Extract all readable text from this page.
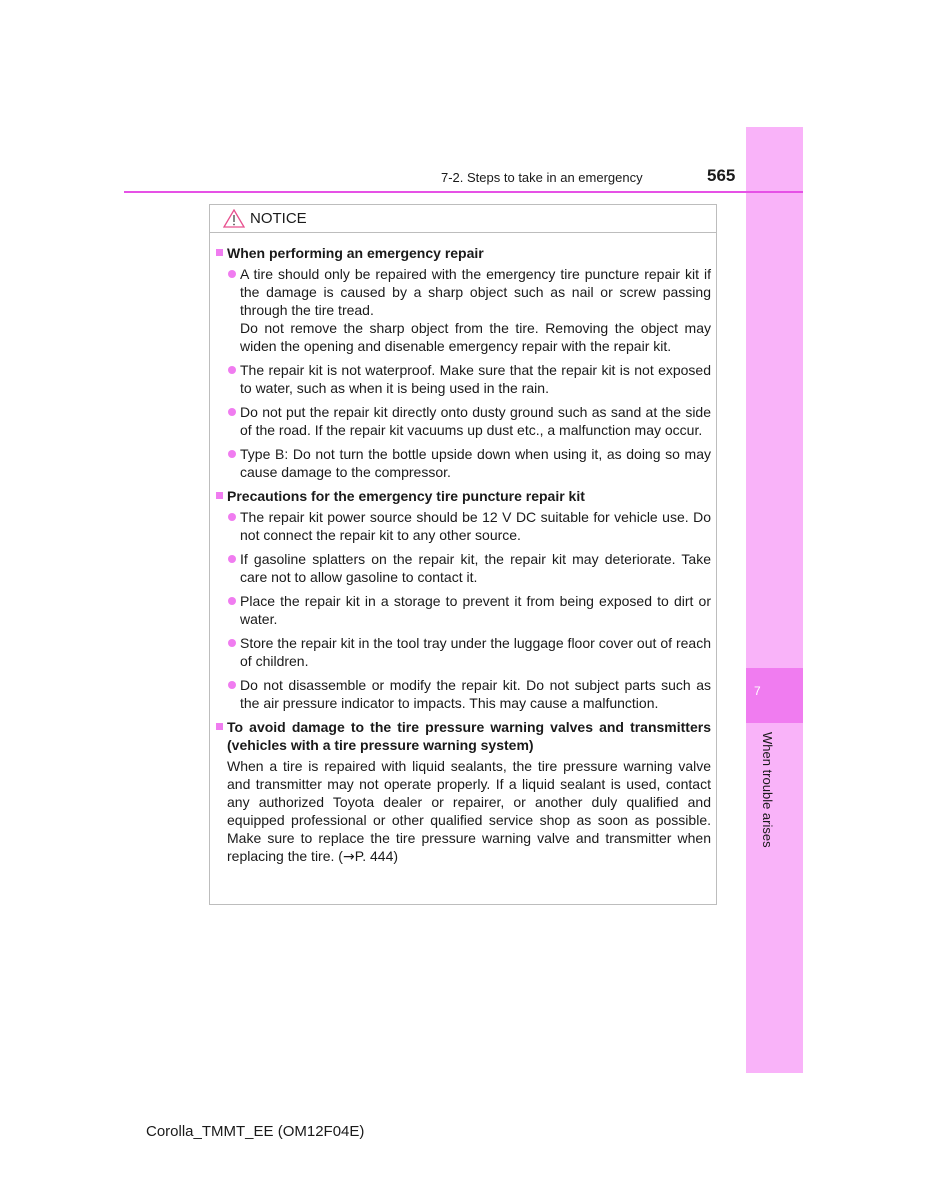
7
When trouble arises
7-2. Steps to take in an emergency	565
NOTICE
When performing an emergency repair
A tire should only be repaired with the emergency tire puncture repair kit if the damage is caused by a sharp object such as nail or screw passing through the tire tread.
Do not remove the sharp object from the tire. Removing the object may widen the opening and disenable emergency repair with the repair kit.
The repair kit is not waterproof. Make sure that the repair kit is not exposed to water, such as when it is being used in the rain.
Do not put the repair kit directly onto dusty ground such as sand at the side of the road. If the repair kit vacuums up dust etc., a malfunction may occur.
Type B: Do not turn the bottle upside down when using it, as doing so may cause damage to the compressor.
Precautions for the emergency tire puncture repair kit
The repair kit power source should be 12 V DC suitable for vehicle use. Do not connect the repair kit to any other source.
If gasoline splatters on the repair kit, the repair kit may deteriorate. Take care not to allow gasoline to contact it.
Place the repair kit in a storage to prevent it from being exposed to dirt or water.
Store the repair kit in the tool tray under the luggage floor cover out of reach of children.
Do not disassemble or modify the repair kit. Do not subject parts such as the air pressure indicator to impacts. This may cause a malfunction.
To avoid damage to the tire pressure warning valves and transmitters (vehicles with a tire pressure warning system)
When a tire is repaired with liquid sealants, the tire pressure warning valve and transmitter may not operate properly. If a liquid sealant is used, contact any authorized Toyota dealer or repairer, or another duly qualified and equipped professional or other qualified service shop as soon as possible. Make sure to replace the tire pressure warning valve and transmitter when replacing the tire. (→P. 444)
Corolla_TMMT_EE (OM12F04E)
